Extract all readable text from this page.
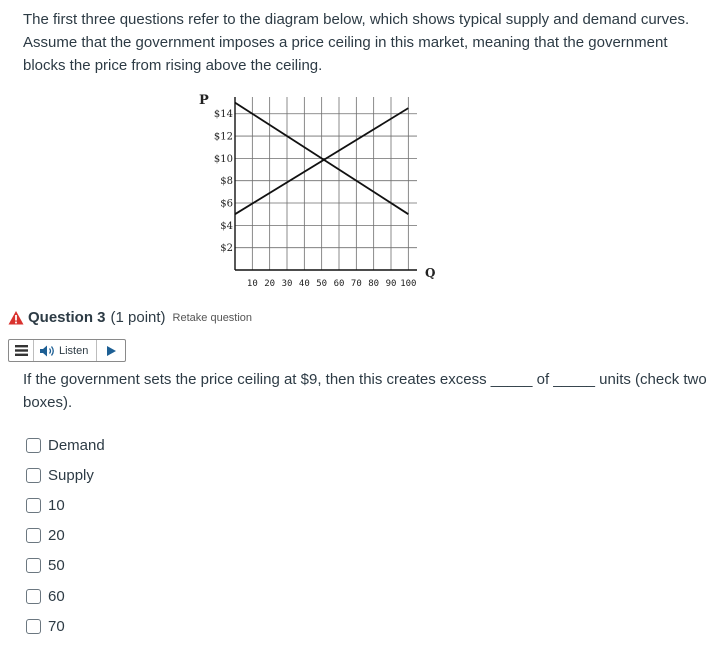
The first three questions refer to the diagram below, which shows typical supply and demand curves. Assume that the government imposes a price ceiling in this market, meaning that the government blocks the price from rising above the ceiling.

$2
$4
$6
$8
$10
$12
$14
10 20 30 40 50 60 70 80 90 100
P
Q
Question 3 (1 point) Retake question
Listen

If the government sets the price ceiling at $9, then this creates excess _____ of _____ units (check two boxes).

Demand
Supply
10
20
50
60
70
